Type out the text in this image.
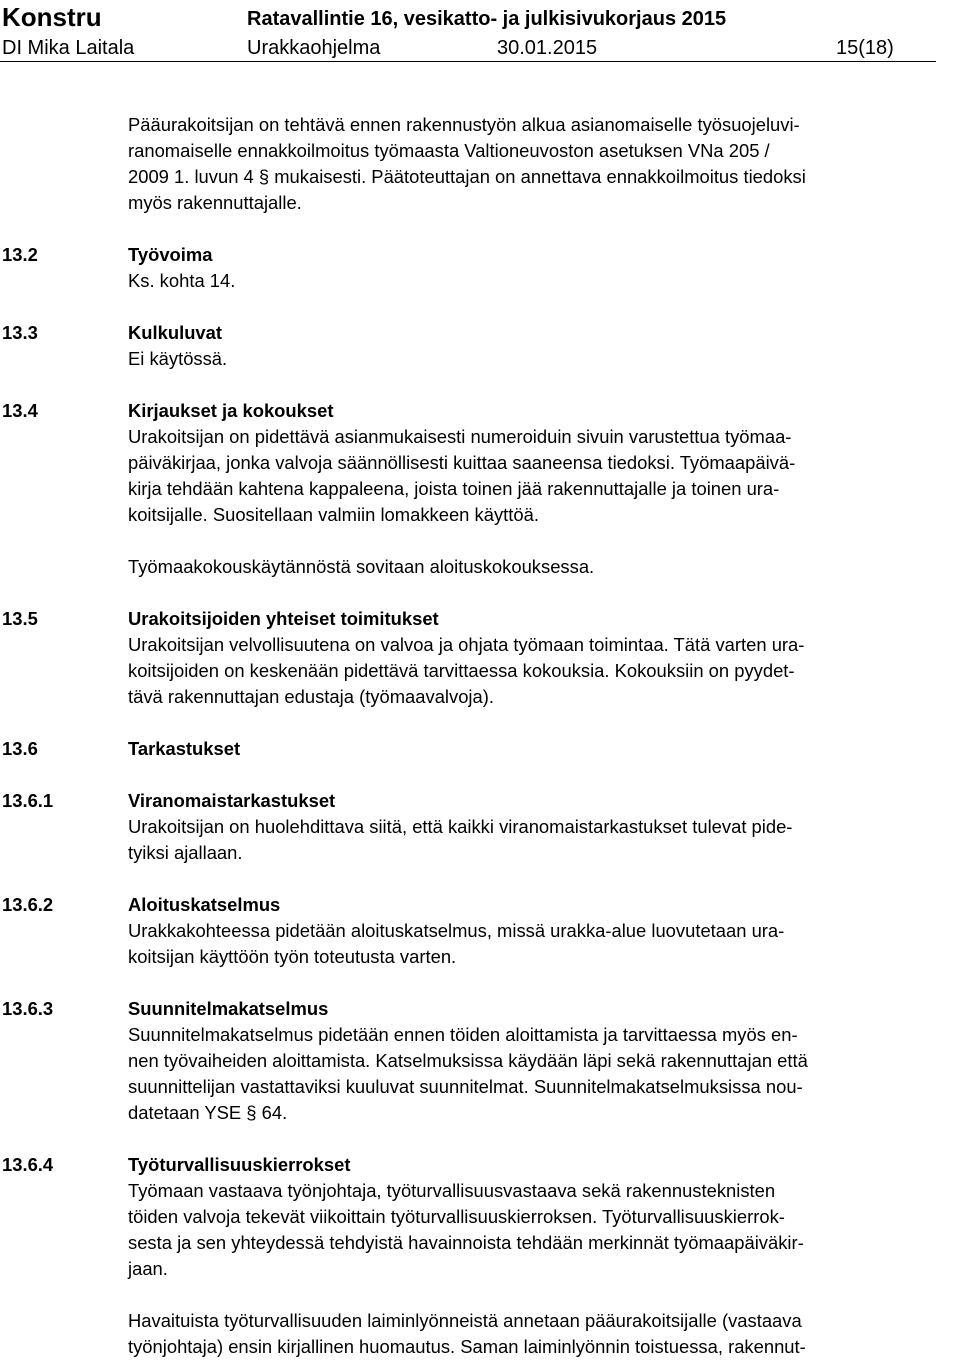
Konstru	Ratavallintie 16, vesikatto- ja julkisivukorjaus 2015
DI Mika Laitala	Urakkaohjelma	30.01.2015	15(18)
Pääurakoitsijan on tehtävä ennen rakennustyön alkua asianomaiselle työsuojeluvi-
ranomaiselle ennakkoilmoitus työmaasta Valtioneuvoston asetuksen VNa 205 /
2009 1. luvun 4 § mukaisesti. Päätoteuttajan on annettava ennakkoilmoitus tiedoksi
myös rakennuttajalle.
13.2	Työvoima
Ks. kohta 14.
13.3	Kulkuluvat
Ei käytössä.
13.4	Kirjaukset ja kokoukset
Urakoitsijan on pidettävä asianmukaisesti numeroiduin sivuin varustettua työmaa-
päiväkirjaa, jonka valvoja säännöllisesti kuittaa saaneensa tiedoksi. Työmaapäivä-
kirja tehdään kahtena kappaleena, joista toinen jää rakennuttajalle ja toinen ura-
koitsijalle. Suositellaan valmiin lomakkeen käyttöä.
Työmaakokouskäytännöstä sovitaan aloituskokouksessa.
13.5	Urakoitsijoiden yhteiset toimitukset
Urakoitsijan velvollisuutena on valvoa ja ohjata työmaan toimintaa. Tätä varten ura-
koitsijoiden on keskenään pidettävä tarvittaessa kokouksia. Kokouksiin on pyydet-
tävä rakennuttajan edustaja (työmaavalvoja).
13.6	Tarkastukset
13.6.1	Viranomaistarkastukset
Urakoitsijan on huolehdittava siitä, että kaikki viranomaistarkastukset tulevat pide-
tyiksi ajallaan.
13.6.2	Aloituskatselmus
Urakkakohteessa pidetään aloituskatselmus, missä urakka-alue luovutetaan ura-
koitsijan käyttöön työn toteutusta varten.
13.6.3	Suunnitelmakatselmus
Suunnitelmakatselmus pidetään ennen töiden aloittamista ja tarvittaessa myös en-
nen työvaiheiden aloittamista. Katselmuksissa käydään läpi sekä rakennuttajan että
suunnittelijan vastattaviksi kuuluvat suunnitelmat. Suunnitelmakatselmuksissa nou-
datetaan YSE § 64.
13.6.4	Työturvallisuuskierrokset
Työmaan vastaava työnjohtaja, työturvallisuusvastaava sekä rakennusteknisten
töiden valvoja tekevät viikoittain työturvallisuuskierroksen. Työturvallisuuskierrok-
sesta ja sen yhteydessä tehdyistä havainnoista tehdään merkinnät työmaapäiväkir-
jaan.
Havaituista työturvallisuuden laiminlyönneistä annetaan pääurakoitsijalle (vastaava
työnjohtaja) ensin kirjallinen huomautus. Saman laiminlyönnin toistuessa, rakennut-
